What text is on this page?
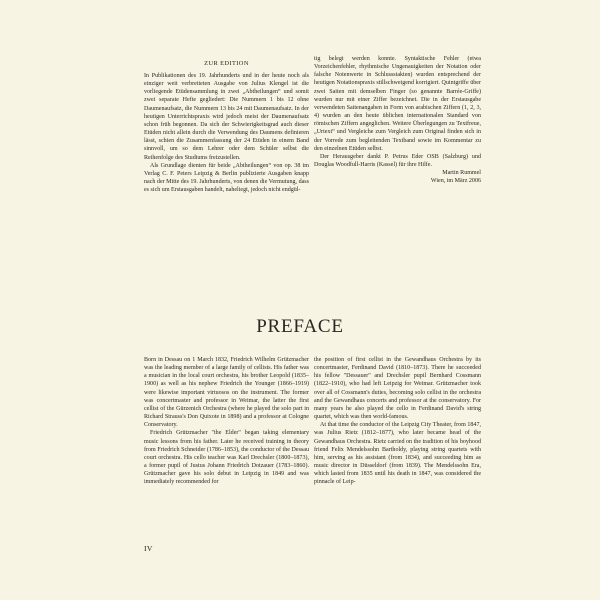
ZUR EDITION

In Publikationen des 19. Jahrhunderts und in der heute noch als einziger weit verbreiteten Ausgabe von Julius Klengel ist die vorliegende Etüdensammlung in zwei „Abtheilungen“ und somit zwei separate Hefte gegliedert: Die Nummern 1 bis 12 ohne Daumenaufsatz, die Nummern 13 bis 24 mit Daumenaufsatz. In der heutigen Unterrichtspraxis wird jedoch meist der Daumenaufsatz schon früh begonnen. Da sich der Schwierigkeitsgrad auch dieser Etüden nicht allein durch die Verwendung des Daumens definieren lässt, schien die Zusammenfassung der 24 Etüden in einem Band sinnvoll, um so dem Lehrer oder dem Schüler selbst die Reihenfolge des Studiums freizustellen.

Als Grundlage dienten für beide „Abtheilungen“ von op. 38 im Verlag C. F. Peters Leipzig & Berlin publizierte Ausgaben knapp nach der Mitte des 19. Jahrhunderts, von denen die Vermutung, dass es sich um Erstausgaben handelt, naheliegt, jedoch nicht endgül-

tig belegt werden konnte. Syntaktische Fehler (etwa Vorzeichenfehler, rhythmische Ungenauigkeiten der Notation oder falsche Notenwerte in Schlussstakten) wurden entsprechend der heutigen Notationspraxis stillschweigend korrigiert. Quintgriffe über zwei Saiten mit demselben Finger (so genannte Barrée-Griffe) wurden nur mit einer Ziffer bezeichnet. Die in der Erstausgabe verwendeten Saitenangaben in Form von arabischen Ziffern (1, 2, 3, 4) wurden an den heute üblichen internationalen Standard von römischen Ziffern angeglichen. Weitere Überlegungen zu Textfreue, „Urtext“ und Vergleiche zum Vergleich zum Original finden sich in der Vorrede zum begleitenden Textband sowie im Kommentar zu den einzelnen Etüden selbst.

Der Herausgeber dankt P. Petrus Eder OSB (Salzburg) und Douglas Woodfull-Harris (Kassel) für ihre Hilfe.

Martin Rummel

Wien, im März 2006

PREFACE

Born in Dessau on 1 March 1832, Friedrich Wilhelm Grützmacher was the leading member of a large family of cellists. His father was a musician in the local court orchestra, his brother Leopold (1835–1900) as well as his nephew Friedrich the Younger (1866–1919) were likewise important virtuosos on the instrument. The former was concertmaster and professor in Weimar, the latter the first cellist of the Gürzenich Orchestra (where he played the solo part in Richard Strauss's Don Quixote in 1898) and a professor at Cologne Conservatory.

Friedrich Grützmacher "the Elder" began taking elementary music lessons from his father. Later he received training in theory from Friedrich Schneider (1786–1853), the conductor of the Dessau court orchestra. His cello teacher was Karl Drechsler (1800–1873), a former pupil of Justus Johann Friedrich Dotzauer (1783–1860). Grützmacher gave his solo debut in Leipzig in 1849 and was immediately recommended for

the position of first cellist in the Gewandhaus Orchestra by its concertmaster, Ferdinand David (1810–1873). There he succeeded his fellow "Dessauer" and Drechsler pupil Bernhard Cossmann (1822–1910), who had left Leipzig for Weimar. Grützmacher took over all of Cossmann's duties, becoming solo cellist in the orchestra and the Gewandhaus concerts and professor at the conservatory. For many years he also played the cello in Ferdinand David's string quartet, which was then world-famous.

At that time the conductor of the Leipzig City Theater, from 1847, was Julius Rietz (1812–1877), who later became head of the Gewandhaus Orchestra. Rietz carried on the tradition of his boyhood friend Felix Mendelssohn Bartholdy, playing string quartets with him, serving as his assistant (from 1834), and succeeding him as music director in Düsseldorf (from 1839). The Mendelssohn Era, which lasted from 1835 until his death in 1847, was considered the pinnacle of Leip-

IV
